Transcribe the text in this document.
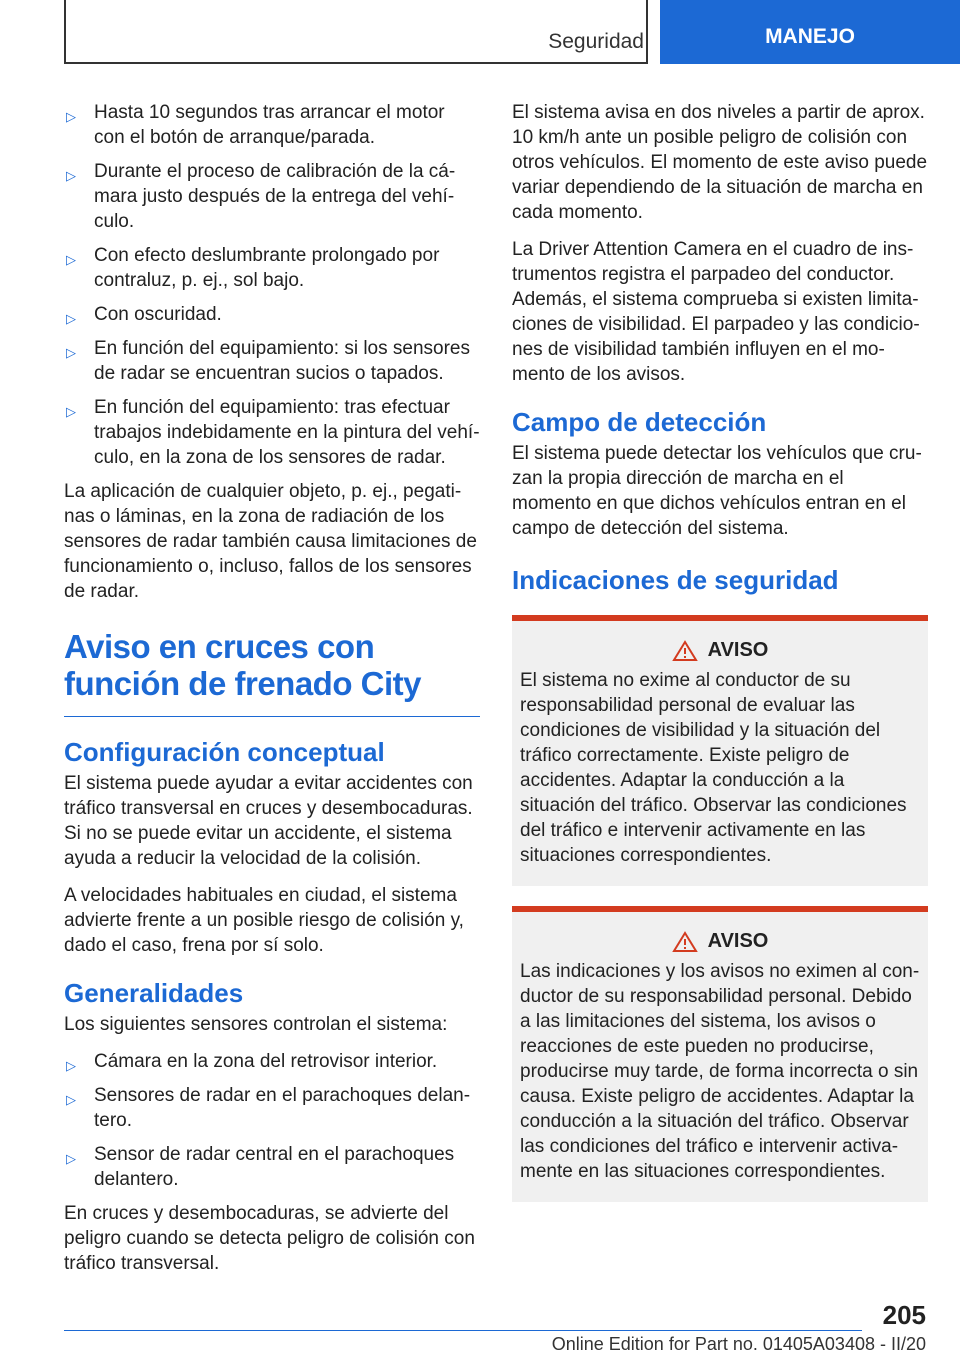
Seguridad	MANEJO
▷ Hasta 10 segundos tras arrancar el motor con el botón de arranque/parada.
▷ Durante el proceso de calibración de la cámara justo después de la entrega del vehículo.
▷ Con efecto deslumbrante prolongado por contraluz, p. ej., sol bajo.
▷ Con oscuridad.
▷ En función del equipamiento: si los sensores de radar se encuentran sucios o tapados.
▷ En función del equipamiento: tras efectuar trabajos indebidamente en la pintura del vehículo, en la zona de los sensores de radar.

La aplicación de cualquier objeto, p. ej., pegatinas o láminas, en la zona de radiación de los sensores de radar también causa limitaciones de funcionamiento o, incluso, fallos de los sensores de radar.

Aviso en cruces con función de frenado City
Configuración conceptual

El sistema puede ayudar a evitar accidentes con tráfico transversal en cruces y desembocaduras. Si no se puede evitar un accidente, el sistema ayuda a reducir la velocidad de la colisión.

A velocidades habituales en ciudad, el sistema advierte frente a un posible riesgo de colisión y, dado el caso, frena por sí solo.

Generalidades

Los siguientes sensores controlan el sistema:

▷ Cámara en la zona del retrovisor interior.
▷ Sensores de radar en el parachoques delantero.
▷ Sensor de radar central en el parachoques delantero.

En cruces y desembocaduras, se advierte del peligro cuando se detecta peligro de colisión con tráfico transversal.

El sistema avisa en dos niveles a partir de aprox. 10 km/h ante un posible peligro de colisión con otros vehículos. El momento de este aviso puede variar dependiendo de la situación de marcha en cada momento.

La Driver Attention Camera en el cuadro de instrumentos registra el parpadeo del conductor. Además, el sistema comprueba si existen limitaciones de visibilidad. El parpadeo y las condiciones de visibilidad también influyen en el momento de los avisos.

Campo de detección

El sistema puede detectar los vehículos que cruzan la propia dirección de marcha en el momento en que dichos vehículos entran en el campo de detección del sistema.

Indicaciones de seguridad
AVISO

El sistema no exime al conductor de su responsabilidad personal de evaluar las condiciones de visibilidad y la situación del tráfico correctamente. Existe peligro de accidentes. Adaptar la conducción a la situación del tráfico. Observar las condiciones del tráfico e intervenir activamente en las situaciones correspondientes.

AVISO

Las indicaciones y los avisos no eximen al conductor de su responsabilidad personal. Debido a las limitaciones del sistema, los avisos o reacciones de este pueden no producirse, producirse muy tarde, de forma incorrecta o sin causa. Existe peligro de accidentes. Adaptar la conducción a la situación del tráfico. Observar las condiciones del tráfico e intervenir activamente en las situaciones correspondientes.

205
Online Edition for Part no. 01405A03408 - II/20
